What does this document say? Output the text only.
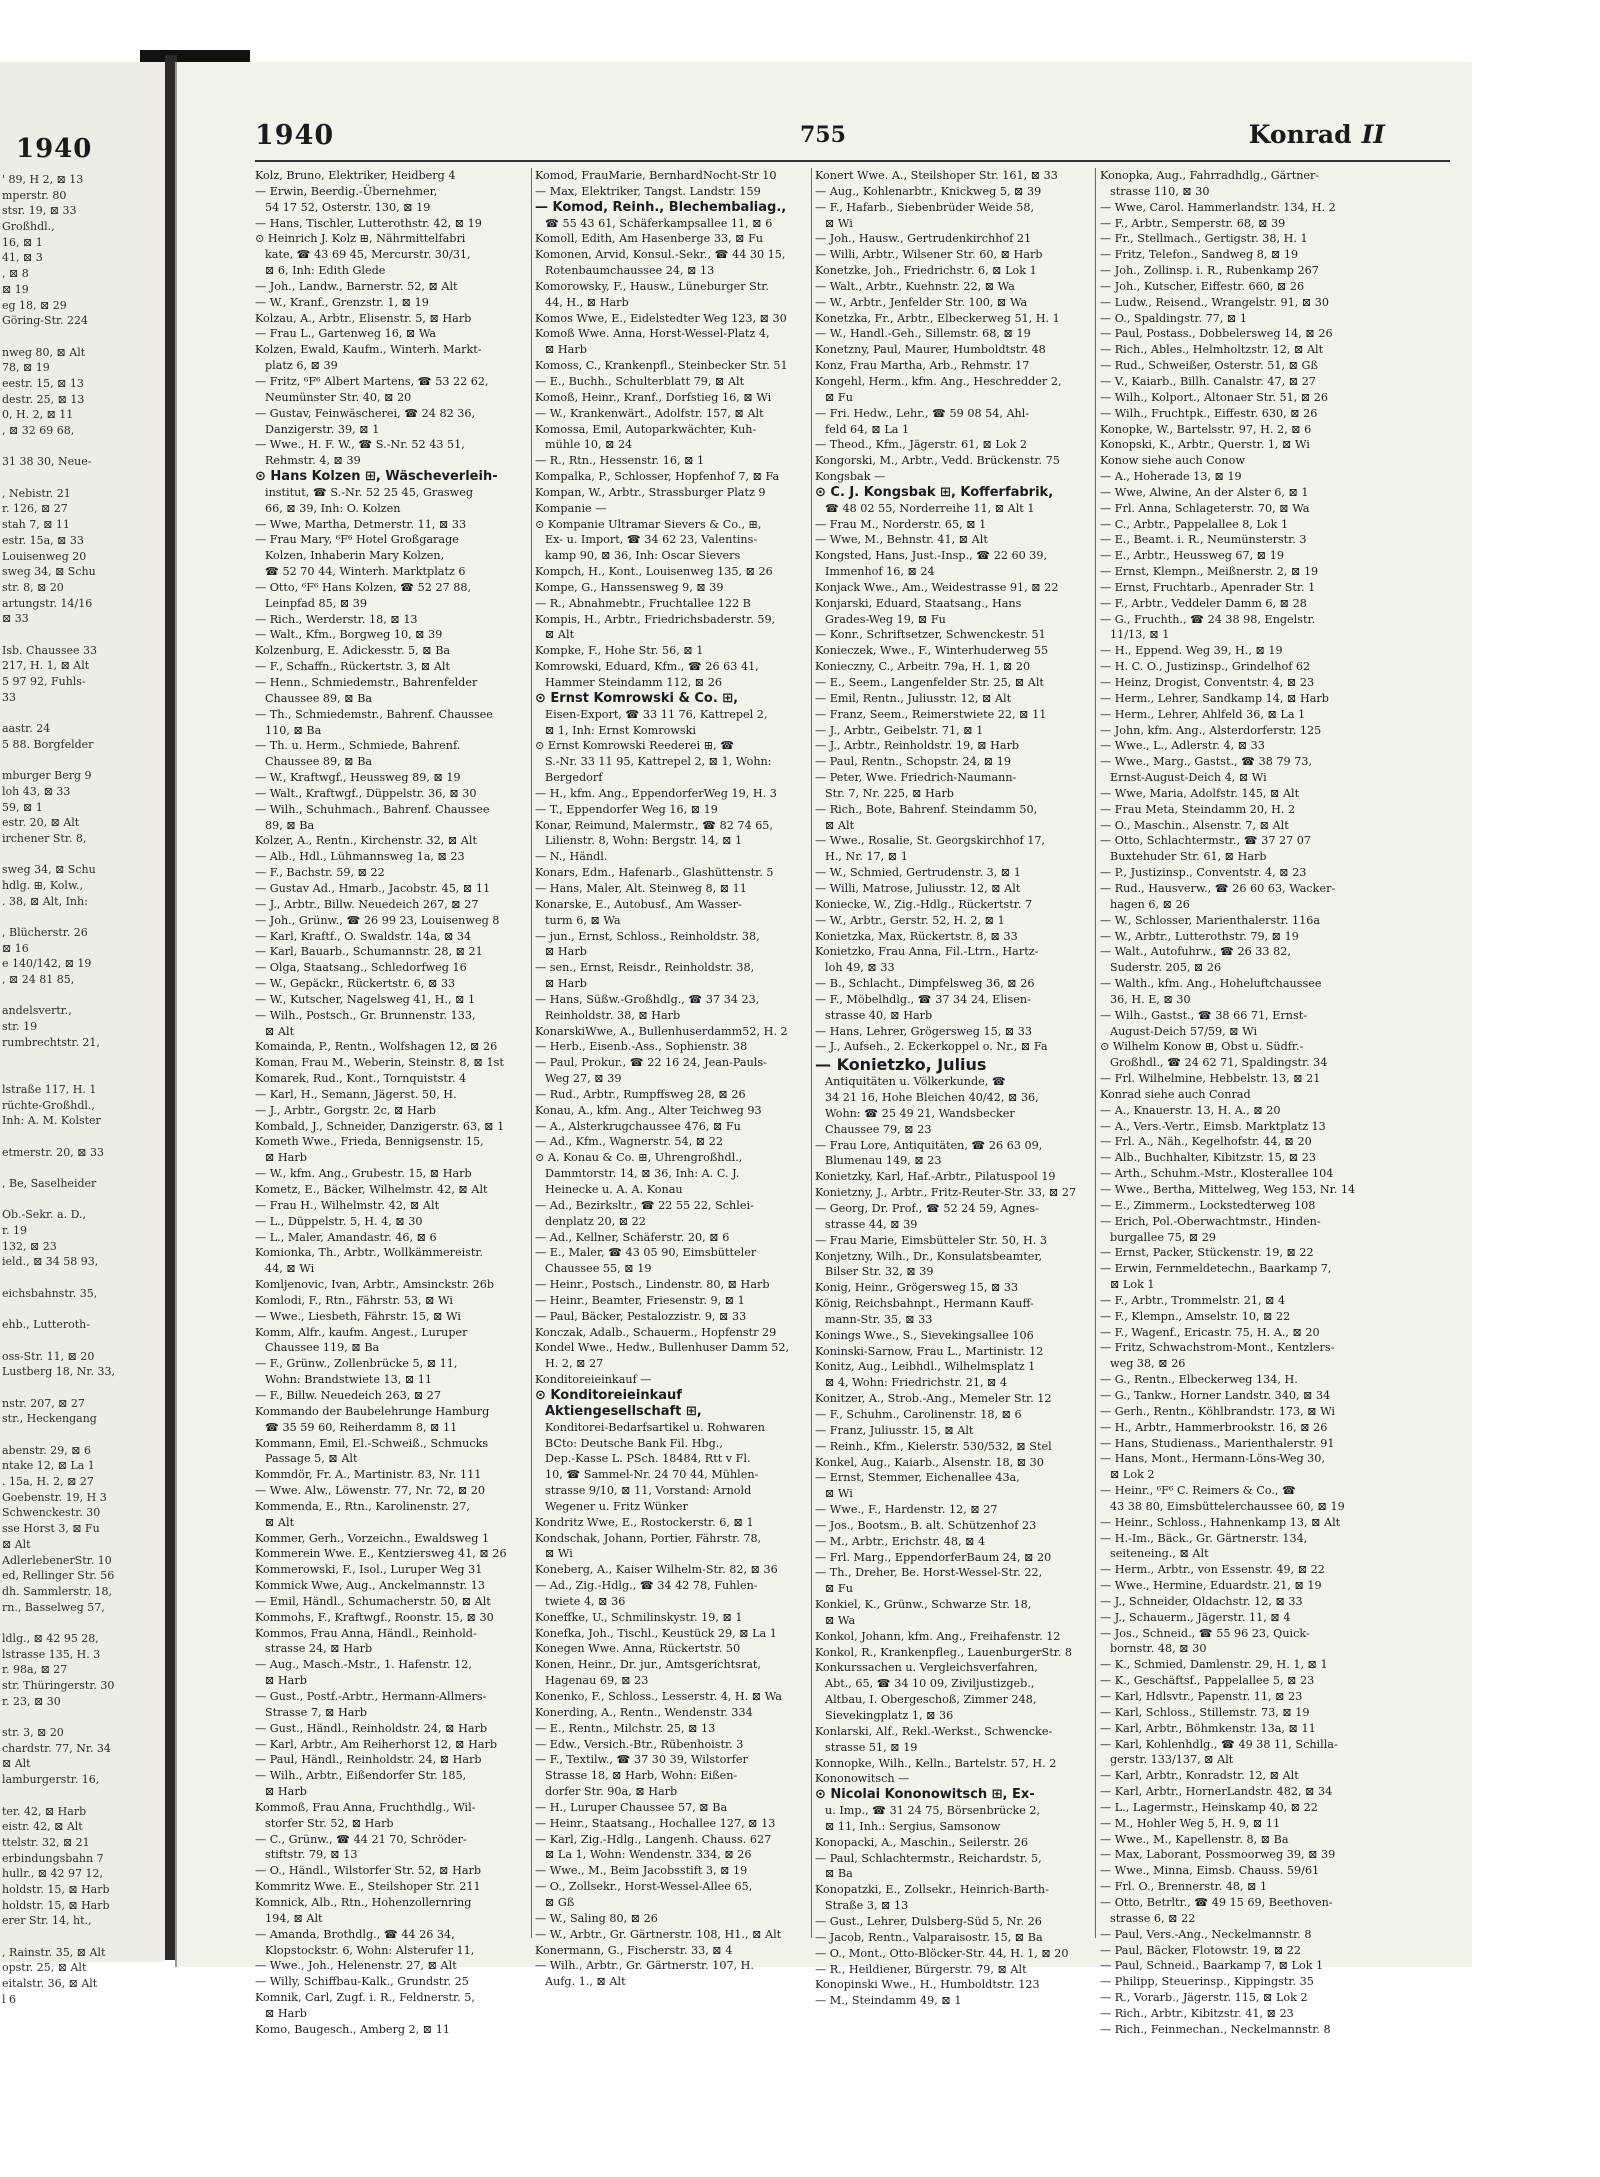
1940
' 89, H 2, ⊠ 13
mperstr. 80
stsr. 19, ⊠ 33
Großhdl.,
16, ⊠ 1
41, ⊠ 3
, ⊠ 8
⊠ 19
eg 18, ⊠ 29
Göring-Str. 224
nweg 80, ⊠ Alt
78, ⊠ 19
eestr. 15, ⊠ 13
destr. 25, ⊠ 13
0, H. 2, ⊠ 11
, ⊠ 32 69 68,
31 38 30, Neue-
, Nebistr. 21
r. 126, ⊠ 27
stah 7, ⊠ 11
estr. 15a, ⊠ 33
Louisenweg 20
sweg 34, ⊠ Schu
str. 8, ⊠ 20
artungstr. 14/16
⊠ 33
Isb. Chaussee 33
217, H. 1, ⊠ Alt
5 97 92, Fuhls-
33
aastr. 24
5 88. Borgfelder
mburger Berg 9
loh 43, ⊠ 33
59, ⊠ 1
estr. 20, ⊠ Alt
irchener Str. 8,
sweg 34, ⊠ Schu
hdlg. ⊞, Kolw.,
. 38, ⊠ Alt, Inh:
, Blücherstr. 26
⊠ 16
e 140/142, ⊠ 19
, ⊠ 24 81 85,
andelsvertr.,
str. 19
rumbrechtstr. 21,
lstraße 117, H. 1
rüchte-Großhdl.,
Inh: A. M. Kolster
etmerstr. 20, ⊠ 33
, Be, Saselheider
Ob.-Sekr. a. D.,
r. 19
132, ⊠ 23
ield., ⊠ 34 58 93,
eichsbahnstr. 35,
ehb., Lutteroth-
oss-Str. 11, ⊠ 20
Lustberg 18, Nr. 33,
nstr. 207, ⊠ 27
str., Heckengang
abenstr. 29, ⊠ 6
ntake 12, ⊠ La 1
. 15a, H. 2, ⊠ 27
Goebenstr. 19, H 3
Schwenckestr. 30
sse Horst 3, ⊠ Fu
⊠ Alt
AdlerlebenerStr. 10
ed, Rellinger Str. 56
dh. Sammlerstr. 18,
rn., Basselweg 57,
ldlg., ⊠ 42 95 28,
lstrasse 135, H. 3
r. 98a, ⊠ 27
str. Thüringerstr. 30
r. 23, ⊠ 30
str. 3, ⊠ 20
chardstr. 77, Nr. 34
⊠ Alt
lamburgerstr. 16,
ter. 42, ⊠ Harb
eistr. 42, ⊠ Alt
ttelstr. 32, ⊠ 21
erbindungsbahn 7
hullr., ⊠ 42 97 12,
holdstr. 15, ⊠ Harb
holdstr. 15, ⊠ Harb
erer Str. 14, ht.,
, Rainstr. 35, ⊠ Alt
opstr. 25, ⊠ Alt
eitalstr. 36, ⊠ Alt
l 6
1940	755	Konrad II
Kolz, Bruno, Elektriker, Heidberg 4
— Erwin, Beerdig.-Übernehmer,
54 17 52, Osterstr. 130, ⊠ 19
— Hans, Tischler, Lutterothstr. 42, ⊠ 19
⊙ Heinrich J. Kolz ⊞, Nährmittelfabri
kate, ☎ 43 69 45, Mercurstr. 30/31,
⊠ 6, Inh: Edith Glede
— Joh., Landw., Barnerstr. 52, ⊠ Alt
— W., Kranf., Grenzstr. 1, ⊠ 19
Kolzau, A., Arbtr., Elisenstr. 5, ⊠ Harb
— Frau L., Gartenweg 16, ⊠ Wa
Kolzen, Ewald, Kaufm., Winterh. Markt-
platz 6, ⊠ 39
— Fritz, ⁶F⁶ Albert Martens, ☎ 53 22 62,
Neumünster Str. 40, ⊠ 20
— Gustav, Feinwäscherei, ☎ 24 82 36,
Danzigerstr. 39, ⊠ 1
— Wwe., H. F. W., ☎ S.-Nr. 52 43 51,
Rehmstr. 4, ⊠ 39
⊙ Hans Kolzen ⊞, Wäscheverleih-
institut, ☎ S.-Nr. 52 25 45, Grasweg
66, ⊠ 39, Inh: O. Kolzen
— Wwe, Martha, Detmerstr. 11, ⊠ 33
— Frau Mary, ⁶F⁶ Hotel Großgarage
Kolzen, Inhaberin Mary Kolzen,
☎ 52 70 44, Winterh. Marktplatz 6
— Otto, ⁶F⁶ Hans Kolzen, ☎ 52 27 88,
Leinpfad 85, ⊠ 39
— Rich., Werderstr. 18, ⊠ 13
— Walt., Kfm., Borgweg 10, ⊠ 39
Kolzenburg, E. Adickesstr. 5, ⊠ Ba
— F., Schaffn., Rückertstr. 3, ⊠ Alt
— Henn., Schmiedemstr., Bahrenfelder
Chaussee 89, ⊠ Ba
— Th., Schmiedemstr., Bahrenf. Chaussee
110, ⊠ Ba
— Th. u. Herm., Schmiede, Bahrenf.
Chaussee 89, ⊠ Ba
— W., Kraftwgf., Heussweg 89, ⊠ 19
— Walt., Kraftwgf., Düppelstr. 36, ⊠ 30
— Wilh., Schuhmach., Bahrenf. Chaussee
89, ⊠ Ba
Kolzer, A., Rentn., Kirchenstr. 32, ⊠ Alt
— Alb., Hdl., Lühmannsweg 1a, ⊠ 23
— F., Bachstr. 59, ⊠ 22
— Gustav Ad., Hmarb., Jacobstr. 45, ⊠ 11
— J., Arbtr., Billw. Neuedeich 267, ⊠ 27
— Joh., Grünw., ☎ 26 99 23, Louisenweg 8
— Karl, Kraftf., O. Swaldstr. 14a, ⊠ 34
— Karl, Bauarb., Schumannstr. 28, ⊠ 21
— Olga, Staatsang., Schledorfweg 16
— W., Gepäckr., Rückertstr. 6, ⊠ 33
— W., Kutscher, Nagelsweg 41, H., ⊠ 1
— Wilh., Postsch., Gr. Brunnenstr. 133,
⊠ Alt
Komainda, P., Rentn., Wolfshagen 12, ⊠ 26
Koman, Frau M., Weberin, Steinstr. 8, ⊠ 1st
Komarek, Rud., Kont., Tornquiststr. 4
— Karl, H., Semann, Jägerst. 50, H.
— J., Arbtr., Gorgstr. 2c, ⊠ Harb
Kombald, J., Schneider, Danzigerstr. 63, ⊠ 1
Kometh Wwe., Frieda, Bennigsenstr. 15,
⊠ Harb
— W., kfm. Ang., Grubestr. 15, ⊠ Harb
Kometz, E., Bäcker, Wilhelmstr. 42, ⊠ Alt
— Frau H., Wilhelmstr. 42, ⊠ Alt
— L., Düppelstr. 5, H. 4, ⊠ 30
— L., Maler, Amandastr. 46, ⊠ 6
Komionka, Th., Arbtr., Wollkämmereistr.
44, ⊠ Wi
Komljenovic, Ivan, Arbtr., Amsinckstr. 26b
Komlodi, F., Rtn., Fährstr. 53, ⊠ Wi
— Wwe., Liesbeth, Fährstr. 15, ⊠ Wi
Komm, Alfr., kaufm. Angest., Luruper
Chaussee 119, ⊠ Ba
— F., Grünw., Zollenbrücke 5, ⊠ 11,
Wohn: Brandstwiete 13, ⊠ 11
— F., Billw. Neuedeich 263, ⊠ 27
Kommando der Baubelehrunge Hamburg
☎ 35 59 60, Reiherdamm 8, ⊠ 11
Kommann, Emil, El.-Schweiß., Schmucks
Passage 5, ⊠ Alt
Kommdör, Fr. A., Martinistr. 83, Nr. 111
— Wwe. Alw., Löwenstr. 77, Nr. 72, ⊠ 20
Kommenda, E., Rtn., Karolinenstr. 27,
⊠ Alt
Kommer, Gerh., Vorzeichn., Ewaldsweg 1
Kommerein Wwe. E., Kentziersweg 41, ⊠ 26
Kommerowski, F., Isol., Luruper Weg 31
Kommick Wwe, Aug., Anckelmannstr. 13
— Emil, Händl., Schumacherstr. 50, ⊠ Alt
Kommohs, F., Kraftwgf., Roonstr. 15, ⊠ 30
Kommos, Frau Anna, Händl., Reinhold-
strasse 24, ⊠ Harb
— Aug., Masch.-Mstr., 1. Hafenstr. 12,
⊠ Harb
— Gust., Postf.-Arbtr., Hermann-Allmers-
Strasse 7, ⊠ Harb
— Gust., Händl., Reinholdstr. 24, ⊠ Harb
— Karl, Arbtr., Am Reiherhorst 12, ⊠ Harb
— Paul, Händl., Reinholdstr. 24, ⊠ Harb
— Wilh., Arbtr., Eißendorfer Str. 185,
⊠ Harb
Kommoß, Frau Anna, Fruchthdlg., Wil-
storfer Str. 52, ⊠ Harb
— C., Grünw., ☎ 44 21 70, Schröder-
stiftstr. 79, ⊠ 13
— O., Händl., Wilstorfer Str. 52, ⊠ Harb
Kommritz Wwe. E., Steilshoper Str. 211
Komnick, Alb., Rtn., Hohenzollernring
194, ⊠ Alt
— Amanda, Brothdlg., ☎ 44 26 34,
Klopstockstr. 6, Wohn: Alsterufer 11,
— Wwe., Joh., Helenenstr. 27, ⊠ Alt
— Willy, Schiffbau-Kalk., Grundstr. 25
Komnik, Carl, Zugf. i. R., Feldnerstr. 5,
⊠ Harb
Komo, Baugesch., Amberg 2, ⊠ 11
Komod, FrauMarie, BernhardNocht-Str 10
— Max, Elektriker, Tangst. Landstr. 159
— Komod, Reinh., Blechembaliag.,
☎ 55 43 61, Schäferkampsallee 11, ⊠ 6
Komoll, Edith, Am Hasenberge 33, ⊠ Fu
Komonen, Arvid, Konsul.-Sekr., ☎ 44 30 15,
Rotenbaumchaussee 24, ⊠ 13
Komorowsky, F., Hausw., Lüneburger Str.
44, H., ⊠ Harb
Komos Wwe, E., Eidelstedter Weg 123, ⊠ 30
Komoß Wwe. Anna, Horst-Wessel-Platz 4,
⊠ Harb
Komoss, C., Krankenpfl., Steinbecker Str. 51
— E., Buchh., Schulterblatt 79, ⊠ Alt
Komoß, Heinr., Kranf., Dorfstieg 16, ⊠ Wi
— W., Krankenwärt., Adolfstr. 157, ⊠ Alt
Komossa, Emil, Autoparkwächter, Kuh-
mühle 10, ⊠ 24
— R., Rtn., Hessenstr. 16, ⊠ 1
Kompalka, P., Schlosser, Hopfenhof 7, ⊠ Fa
Kompan, W., Arbtr., Strassburger Platz 9
Kompanie —
⊙ Kompanie Ultramar Sievers & Co., ⊞,
Ex- u. Import, ☎ 34 62 23, Valentins-
kamp 90, ⊠ 36, Inh: Oscar Sievers
Kompch, H., Kont., Louisenweg 135, ⊠ 26
Kompe, G., Hanssensweg 9, ⊠ 39
— R., Abnahmebtr., Fruchtallee 122 B
Kompis, H., Arbtr., Friedrichsbaderstr. 59,
⊠ Alt
Kompke, F., Hohe Str. 56, ⊠ 1
Komrowski, Eduard, Kfm., ☎ 26 63 41,
Hammer Steindamm 112, ⊠ 26
⊙ Ernst Komrowski & Co. ⊞,
Eisen-Export, ☎ 33 11 76, Kattrepel 2,
⊠ 1, Inh: Ernst Komrowski
⊙ Ernst Komrowski Reederei ⊞, ☎
S.-Nr. 33 11 95, Kattrepel 2, ⊠ 1, Wohn:
Bergedorf
— H., kfm. Ang., EppendorferWeg 19, H. 3
— T., Eppendorfer Weg 16, ⊠ 19
Konar, Reimund, Malermstr., ☎ 82 74 65,
Lilienstr. 8, Wohn: Bergstr. 14, ⊠ 1
— N., Händl.
Konars, Edm., Hafenarb., Glashüttenstr. 5
— Hans, Maler, Alt. Steinweg 8, ⊠ 11
Konarske, E., Autobusf., Am Wasser-
turm 6, ⊠ Wa
— jun., Ernst, Schloss., Reinholdstr. 38,
⊠ Harb
— sen., Ernst, Reisdr., Reinholdstr. 38,
⊠ Harb
— Hans, Süßw.-Großhdlg., ☎ 37 34 23,
Reinholdstr. 38, ⊠ Harb
KonarskiWwe, A., Bullenhuserdamm52, H. 2
— Herb., Eisenb.-Ass., Sophienstr. 38
— Paul, Prokur., ☎ 22 16 24, Jean-Pauls-
Weg 27, ⊠ 39
— Rud., Arbtr., Rumpffsweg 28, ⊠ 26
Konau, A., kfm. Ang., Alter Teichweg 93
— A., Alsterkrugchaussee 476, ⊠ Fu
— Ad., Kfm., Wagnerstr. 54, ⊠ 22
⊙ A. Konau & Co. ⊞, Uhrengroßhdl.,
Dammtorstr. 14, ⊠ 36, Inh: A. C. J.
Heinecke u. A. A. Konau
— Ad., Bezirksltr., ☎ 22 55 22, Schlei-
denplatz 20, ⊠ 22
— Ad., Kellner, Schäferstr. 20, ⊠ 6
— E., Maler, ☎ 43 05 90, Eimsbütteler
Chaussee 55, ⊠ 19
— Heinr., Postsch., Lindenstr. 80, ⊠ Harb
— Heinr., Beamter, Friesenstr. 9, ⊠ 1
— Paul, Bäcker, Pestalozzistr. 9, ⊠ 33
Konczak, Adalb., Schauerm., Hopfenstr 29
Kondel Wwe., Hedw., Bullenhuser Damm 52,
H. 2, ⊠ 27
Konditoreieinkauf —
⊙ Konditoreieinkauf
Aktiengesellschaft ⊞,
Konditorei-Bedarfsartikel u. Rohwaren
BCto: Deutsche Bank Fil. Hbg.,
Dep.-Kasse L. PSch. 18484, Rtt v Fl.
10, ☎ Sammel-Nr. 24 70 44, Mühlen-
strasse 9/10, ⊠ 11, Vorstand: Arnold
Wegener u. Fritz Wünker
Kondritz Wwe, E., Rostockerstr. 6, ⊠ 1
Kondschak, Johann, Portier, Fährstr. 78,
⊠ Wi
Koneberg, A., Kaiser Wilhelm-Str. 82, ⊠ 36
— Ad., Zig.-Hdlg., ☎ 34 42 78, Fuhlen-
twiete 4, ⊠ 36
Koneffke, U., Schmilinskystr. 19, ⊠ 1
Konefka, Joh., Tischl., Keustück 29, ⊠ La 1
Konegen Wwe. Anna, Rückertstr. 50
Konen, Heinr., Dr. jur., Amtsgerichtsrat,
Hagenau 69, ⊠ 23
Konenko, F., Schloss., Lesserstr. 4, H. ⊠ Wa
Konerding, A., Rentn., Wendenstr. 334
— E., Rentn., Milchstr. 25, ⊠ 13
— Edw., Versich.-Btr., Rübenhoistr. 3
— F., Textilw., ☎ 37 30 39, Wilstorfer
Strasse 18, ⊠ Harb, Wohn: Eißen-
dorfer Str. 90a, ⊠ Harb
— H., Luruper Chaussee 57, ⊠ Ba
— Heinr., Staatsang., Hochallee 127, ⊠ 13
— Karl, Zig.-Hdlg., Langenh. Chauss. 627
⊠ La 1, Wohn: Wendenstr. 334, ⊠ 26
— Wwe., M., Beim Jacobsstift 3, ⊠ 19
— O., Zollsekr., Horst-Wessel-Allee 65,
⊠ Gß
— W., Saling 80, ⊠ 26
— W., Arbtr., Gr. Gärtnerstr. 108, H1., ⊠ Alt
Konermann, G., Fischerstr. 33, ⊠ 4
— Wilh., Arbtr., Gr. Gärtnerstr. 107, H.
Aufg. 1., ⊠ Alt
Konert Wwe. A., Steilshoper Str. 161, ⊠ 33
— Aug., Kohlenarbtr., Knickweg 5, ⊠ 39
— F., Hafarb., Siebenbrüder Weide 58,
⊠ Wi
— Joh., Hausw., Gertrudenkirchhof 21
— Willi, Arbtr., Wilsener Str. 60, ⊠ Harb
Konetzke, Joh., Friedrichstr. 6, ⊠ Lok 1
— Walt., Arbtr., Kuehnstr. 22, ⊠ Wa
— W., Arbtr., Jenfelder Str. 100, ⊠ Wa
Konetzka, Fr., Arbtr., Elbeckerweg 51, H. 1
— W., Handl.-Geh., Sillemstr. 68, ⊠ 19
Konetzny, Paul, Maurer, Humboldtstr. 48
Konz, Frau Martha, Arb., Rehmstr. 17
Kongehl, Herm., kfm. Ang., Heschredder 2,
⊠ Fu
— Fri. Hedw., Lehr., ☎ 59 08 54, Ahl-
feld 64, ⊠ La 1
— Theod., Kfm., Jägerstr. 61, ⊠ Lok 2
Kongorski, M., Arbtr., Vedd. Brückenstr. 75
Kongsbak —
⊙ C. J. Kongsbak ⊞, Kofferfabrik,
☎ 48 02 55, Norderreihe 11, ⊠ Alt 1
— Frau M., Norderstr. 65, ⊠ 1
— Wwe, M., Behnstr. 41, ⊠ Alt
Kongsted, Hans, Just.-Insp., ☎ 22 60 39,
Immenhof 16, ⊠ 24
Konjack Wwe., Am., Weidestrasse 91, ⊠ 22
Konjarski, Eduard, Staatsang., Hans
Grades-Weg 19, ⊠ Fu
— Konr., Schriftsetzer, Schwenckestr. 51
Konieczek, Wwe., F., Winterhuderweg 55
Konieczny, C., Arbeitr. 79a, H. 1, ⊠ 20
— E., Seem., Langenfelder Str. 25, ⊠ Alt
— Emil, Rentn., Juliusstr. 12, ⊠ Alt
— Franz, Seem., Reimerstwiete 22, ⊠ 11
— J., Arbtr., Geibelstr. 71, ⊠ 1
— J., Arbtr., Reinholdstr. 19, ⊠ Harb
— Paul, Rentn., Schopstr. 24, ⊠ 19
— Peter, Wwe. Friedrich-Naumann-
Str. 7, Nr. 225, ⊠ Harb
— Rich., Bote, Bahrenf. Steindamm 50,
⊠ Alt
— Wwe., Rosalie, St. Georgskirchhof 17,
H., Nr. 17, ⊠ 1
— W., Schmied, Gertrudenstr. 3, ⊠ 1
— Willi, Matrose, Juliusstr. 12, ⊠ Alt
Koniecke, W., Zig.-Hdlg., Rückertstr. 7
— W., Arbtr., Gerstr. 52, H. 2, ⊠ 1
Konietzka, Max, Rückertstr. 8, ⊠ 33
Konietzko, Frau Anna, Fil.-Ltrn., Hartz-
loh 49, ⊠ 33
— B., Schlacht., Dimpfelsweg 36, ⊠ 26
— F., Möbelhdlg., ☎ 37 34 24, Elisen-
strasse 40, ⊠ Harb
— Hans, Lehrer, Grögersweg 15, ⊠ 33
— J., Aufseh., 2. Eckerkoppel o. Nr., ⊠ Fa
— Konietzko, Julius
Antiquitäten u. Völkerkunde, ☎
34 21 16, Hohe Bleichen 40/42, ⊠ 36,
Wohn: ☎ 25 49 21, Wandsbecker
Chaussee 79, ⊠ 23
— Frau Lore, Antiquitäten, ☎ 26 63 09,
Blumenau 149, ⊠ 23
Konietzky, Karl, Haf.-Arbtr., Pilatuspool 19
Konietzny, J., Arbtr., Fritz-Reuter-Str. 33, ⊠ 27
— Georg, Dr. Prof., ☎ 52 24 59, Agnes-
strasse 44, ⊠ 39
— Frau Marie, Eimsbütteler Str. 50, H. 3
Konjetzny, Wilh., Dr., Konsulatsbeamter,
Bilser Str. 32, ⊠ 39
Konig, Heinr., Grögersweg 15, ⊠ 33
König, Reichsbahnpt., Hermann Kauff-
mann-Str. 35, ⊠ 33
Konings Wwe., S., Sievekingsallee 106
Koninski-Sarnow, Frau L., Martinistr. 12
Konitz, Aug., Leibhdl., Wilhelmsplatz 1
⊠ 4, Wohn: Friedrichstr. 21, ⊠ 4
Konitzer, A., Strob.-Ang., Memeler Str. 12
— F., Schuhm., Carolinenstr. 18, ⊠ 6
— Franz, Juliusstr. 15, ⊠ Alt
— Reinh., Kfm., Kielerstr. 530/532, ⊠ Stel
Konkel, Aug., Kaiarb., Alsenstr. 18, ⊠ 30
— Ernst, Stemmer, Eichenallee 43a,
⊠ Wi
— Wwe., F., Hardenstr. 12, ⊠ 27
— Jos., Bootsm., B. alt. Schützenhof 23
— M., Arbtr., Erichstr. 48, ⊠ 4
— Frl. Marg., EppendorferBaum 24, ⊠ 20
— Th., Dreher, Be. Horst-Wessel-Str. 22,
⊠ Fu
Konkiel, K., Grünw., Schwarze Str. 18,
⊠ Wa
Konkol, Johann, kfm. Ang., Freihafenstr. 12
Konkol, R., Krankenpfleg., LauenburgerStr. 8
Konkurssachen u. Vergleichsverfahren,
Abt., 65, ☎ 34 10 09, Ziviljustizgeb.,
Altbau, I. Obergeschoß, Zimmer 248,
Sievekingplatz 1, ⊠ 36
Konlarski, Alf., Rekl.-Werkst., Schwencke-
strasse 51, ⊠ 19
Konnopke, Wilh., Kelln., Bartelstr. 57, H. 2
Kononowitsch —
⊙ Nicolai Kononowitsch ⊞, Ex-
u. Imp., ☎ 31 24 75, Börsenbrücke 2,
⊠ 11, Inh.: Sergius, Samsonow
Konopacki, A., Maschin., Seilerstr. 26
— Paul, Schlachtermstr., Reichardstr. 5,
⊠ Ba
Konopatzki, E., Zollsekr., Heinrich-Barth-
Straße 3, ⊠ 13
— Gust., Lehrer, Dulsberg-Süd 5, Nr. 26
— Jacob, Rentn., Valparaisostr. 15, ⊠ Ba
— O., Mont., Otto-Blöcker-Str. 44, H. 1, ⊠ 20
— R., Heildiener, Bürgerstr. 79, ⊠ Alt
Konopinski Wwe., H., Humboldtstr. 123
— M., Steindamm 49, ⊠ 1
Konopka, Aug., Fahrradhdlg., Gärtner-
strasse 110, ⊠ 30
— Wwe, Carol. Hammerlandstr. 134, H. 2
— F., Arbtr., Semperstr. 68, ⊠ 39
— Fr., Stellmach., Gertigstr. 38, H. 1
— Fritz, Telefon., Sandweg 8, ⊠ 19
— Joh., Zollinsp. i. R., Rubenkamp 267
— Joh., Kutscher, Eiffestr. 660, ⊠ 26
— Ludw., Reisend., Wrangelstr. 91, ⊠ 30
— O., Spaldingstr. 77, ⊠ 1
— Paul, Postass., Dobbelersweg 14, ⊠ 26
— Rich., Ables., Helmholtzstr. 12, ⊠ Alt
— Rud., Schweißer, Osterstr. 51, ⊠ Gß
— V., Kaiarb., Billh. Canalstr. 47, ⊠ 27
— Wilh., Kolport., Altonaer Str. 51, ⊠ 26
— Wilh., Fruchtpk., Eiffestr. 630, ⊠ 26
Konopke, W., Bartelsstr. 97, H. 2, ⊠ 6
Konopski, K., Arbtr., Querstr. 1, ⊠ Wi
Konow siehe auch Conow
— A., Hoherade 13, ⊠ 19
— Wwe, Alwine, An der Alster 6, ⊠ 1
— Frl. Anna, Schlageterstr. 70, ⊠ Wa
— C., Arbtr., Pappelallee 8, Lok 1
— E., Beamt. i. R., Neumünsterstr. 3
— E., Arbtr., Heussweg 67, ⊠ 19
— Ernst, Klempn., Meißnerstr. 2, ⊠ 19
— Ernst, Fruchtarb., Apenrader Str. 1
— F., Arbtr., Veddeler Damm 6, ⊠ 28
— G., Fruchth., ☎ 24 38 98, Engelstr.
11/13, ⊠ 1
— H., Eppend. Weg 39, H., ⊠ 19
— H. C. O., Justizinsp., Grindelhof 62
— Heinz, Drogist, Conventstr. 4, ⊠ 23
— Herm., Lehrer, Sandkamp 14, ⊠ Harb
— Herm., Lehrer, Ahlfeld 36, ⊠ La 1
— John, kfm. Ang., Alsterdorferstr. 125
— Wwe., L., Adlerstr. 4, ⊠ 33
— Wwe., Marg., Gastst., ☎ 38 79 73,
Ernst-August-Deich 4, ⊠ Wi
— Wwe, Maria, Adolfstr. 145, ⊠ Alt
— Frau Meta, Steindamm 20, H. 2
— O., Maschin., Alsenstr. 7, ⊠ Alt
— Otto, Schlachtermstr., ☎ 37 27 07
Buxtehuder Str. 61, ⊠ Harb
— P., Justizinsp., Conventstr. 4, ⊠ 23
— Rud., Hausverw., ☎ 26 60 63, Wacker-
hagen 6, ⊠ 26
— W., Schlosser, Marienthalerstr. 116a
— W., Arbtr., Lutterothstr. 79, ⊠ 19
— Walt., Autofuhrw., ☎ 26 33 82,
Suderstr. 205, ⊠ 26
— Walth., kfm. Ang., Hoheluftchaussee
36, H. E, ⊠ 30
— Wilh., Gastst., ☎ 38 66 71, Ernst-
August-Deich 57/59, ⊠ Wi
⊙ Wilhelm Konow ⊞, Obst u. Südfr.-
Großhdl., ☎ 24 62 71, Spaldingstr. 34
— Frl. Wilhelmine, Hebbelstr. 13, ⊠ 21
Konrad siehe auch Conrad
— A., Knauerstr. 13, H. A., ⊠ 20
— A., Vers.-Vertr., Eimsb. Marktplatz 13
— Frl. A., Näh., Kegelhofstr. 44, ⊠ 20
— Alb., Buchhalter, Kibitzstr. 15, ⊠ 23
— Arth., Schuhm.-Mstr., Klosterallee 104
— Wwe., Bertha, Mittelweg, Weg 153, Nr. 14
— E., Zimmerm., Lockstedterweg 108
— Erich, Pol.-Oberwachtmstr., Hinden-
burgallee 75, ⊠ 29
— Ernst, Packer, Stückenstr. 19, ⊠ 22
— Erwin, Fernmeldetechn., Baarkamp 7,
⊠ Lok 1
— F., Arbtr., Trommelstr. 21, ⊠ 4
— F., Klempn., Amselstr. 10, ⊠ 22
— F., Wagenf., Ericastr. 75, H. A., ⊠ 20
— Fritz, Schwachstrom-Mont., Kentzlers-
weg 38, ⊠ 26
— G., Rentn., Elbeckerweg 134, H.
— G., Tankw., Horner Landstr. 340, ⊠ 34
— Gerh., Rentn., Köhlbrandstr. 173, ⊠ Wi
— H., Arbtr., Hammerbrookstr. 16, ⊠ 26
— Hans, Studienass., Marienthalerstr. 91
— Hans, Mont., Hermann-Löns-Weg 30,
⊠ Lok 2
— Heinr., ⁶F⁶ C. Reimers & Co., ☎
43 38 80, Eimsbüttelerchaussee 60, ⊠ 19
— Heinr., Schloss., Hahnenkamp 13, ⊠ Alt
— H.-Im., Bäck., Gr. Gärtnerstr. 134,
seiteneing., ⊠ Alt
— Herm., Arbtr., von Essenstr. 49, ⊠ 22
— Wwe., Hermine, Eduardstr. 21, ⊠ 19
— J., Schneider, Oldachstr. 12, ⊠ 33
— J., Schauerm., Jägerstr. 11, ⊠ 4
— Jos., Schneid., ☎ 55 96 23, Quick-
bornstr. 48, ⊠ 30
— K., Schmied, Damlenstr. 29, H. 1, ⊠ 1
— K., Geschäftsf., Pappelallee 5, ⊠ 23
— Karl, Hdlsvtr., Papenstr. 11, ⊠ 23
— Karl, Schloss., Stillemstr. 73, ⊠ 19
— Karl, Arbtr., Böhmkenstr. 13a, ⊠ 11
— Karl, Kohlenhdlg., ☎ 49 38 11, Schilla-
gerstr. 133/137, ⊠ Alt
— Karl, Arbtr., Konradstr. 12, ⊠ Alt
— Karl, Arbtr., HornerLandstr. 482, ⊠ 34
— L., Lagermstr., Heinskamp 40, ⊠ 22
— M., Hohler Weg 5, H. 9, ⊠ 11
— Wwe., M., Kapellenstr. 8, ⊠ Ba
— Max, Laborant, Possmoorweg 39, ⊠ 39
— Wwe., Minna, Eimsb. Chauss. 59/61
— Frl. O., Brennerstr. 48, ⊠ 1
— Otto, Betrltr., ☎ 49 15 69, Beethoven-
strasse 6, ⊠ 22
— Paul, Vers.-Ang., Neckelmannstr. 8
— Paul, Bäcker, Flotowstr. 19, ⊠ 22
— Paul, Schneid., Baarkamp 7, ⊠ Lok 1
— Philipp, Steuerinsp., Kippingstr. 35
— R., Vorarb., Jägerstr. 115, ⊠ Lok 2
— Rich., Arbtr., Kibitzstr. 41, ⊠ 23
— Rich., Feinmechan., Neckelmannstr. 8
